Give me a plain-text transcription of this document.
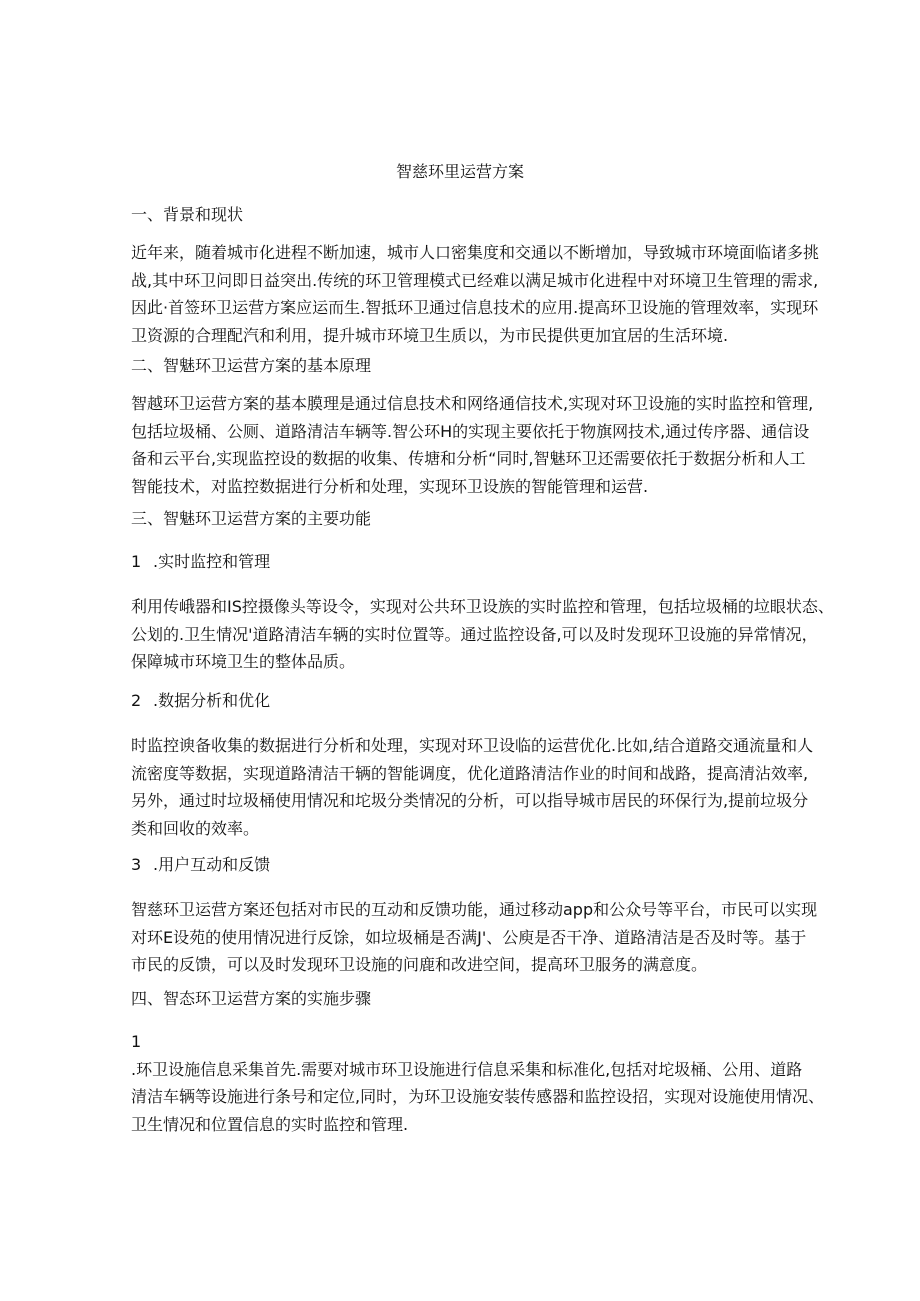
智慈环里运营方案
一、背景和现状
近年来，随着城市化进程不断加速，城市人口密集度和交通以不断增加，导致城市环境面临诸多挑
战,其中环卫问即日益突出.传统的环卫管理模式已经难以满足城市化进程中对环境卫生管理的需求,
因此·首签环卫运营方案应运而生.智抵环卫通过信息技术的应用.提高环卫设施的管理效率，实现环
卫资源的合理配汽和利用，提升城市环境卫生质以，为市民提供更加宜居的生活环境.
二、智魅环卫运营方案的基本原理
智越环卫运营方案的基本膜理是通过信息技术和网络通信技术,实现对环卫设施的实时监控和管理,
包括垃圾桶、公厕、道路清洁车辆等.智公环H的实现主要依托于物旗网技术,通过传序器、通信设
备和云平台,实现监控设的数据的收集、传塘和分析“同时,智魅环卫还需要依托于数据分析和人工
智能技术，对监控数据进行分析和处理，实现环卫设族的智能管理和运营.
三、智魅环卫运营方案的主要功能
1 .实时监控和管理
利用传峨器和IS控摄像头等设令，实现对公共环卫设族的实时监控和管理，包括垃圾桶的垃眼状态、
公划的.卫生情况'道路清洁车辆的实时位置等。通过监控设备,可以及时发现环卫设施的异常情况，
保障城市环境卫生的整体品质。
2 .数据分析和优化
时监控谀备收集的数据进行分析和处理，实现对环卫设临的运营优化.比如,结合道路交通流量和人
流密度等数据，实现道路清洁干辆的智能调度，优化道路清洁作业的时间和战路，提高清沾效率,
另外，通过时垃圾桶使用情况和坨圾分类情况的分析，可以指导城市居民的环保行为,提前垃圾分
类和回收的效率。
3 .用户互动和反馈
智慈环卫运营方案还包括对市民的互动和反馈功能，通过移动app和公众号等平台，市民可以实现
对环E设苑的使用情况进行反馀，如垃圾桶是否满J'、公庾是否干净、道路清洁是否及时等。基于
市民的反馈，可以及时发现环卫设施的问鹿和改进空间，提高环卫服务的满意度。
四、智态环卫运营方案的实施步骤
1
.环卫设施信息采集首先.需要对城市环卫设施进行信息采集和标准化,包括对坨圾桶、公用、道路
清洁车辆等设施进行条号和定位,同时，为环卫设施安装传感器和监控设招，实现对设施使用情况、
卫生情况和位置信息的实时监控和管理.
